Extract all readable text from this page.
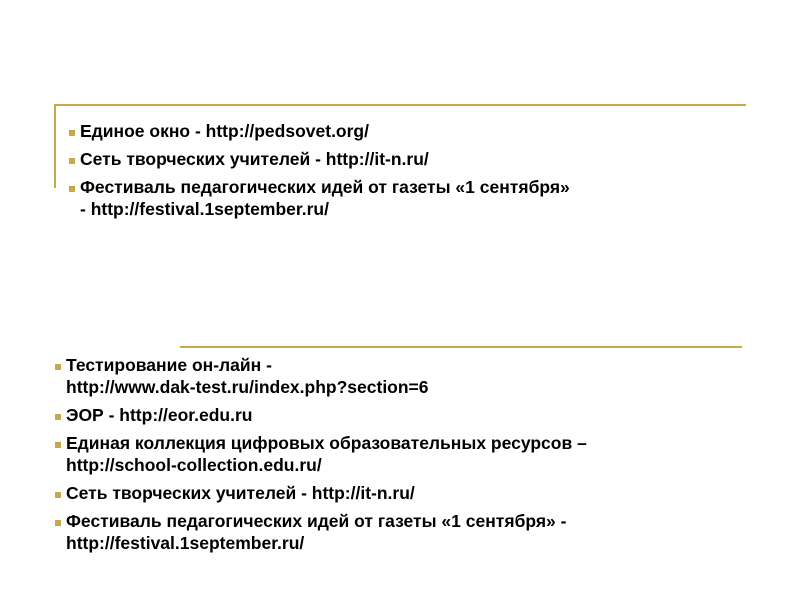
Единое окно - http://pedsovet.org/
Сеть творческих учителей - http://it-n.ru/
Фестиваль педагогических идей от газеты «1 сентября»
- http://festival.1september.ru/
Тестирование он-лайн -
http://www.dak-test.ru/index.php?section=6
ЭОР - http://eor.edu.ru
Единая коллекция цифровых образовательных ресурсов –
http://school-collection.edu.ru/
Сеть творческих учителей - http://it-n.ru/
Фестиваль педагогических идей от газеты «1 сентября» -
http://festival.1september.ru/
